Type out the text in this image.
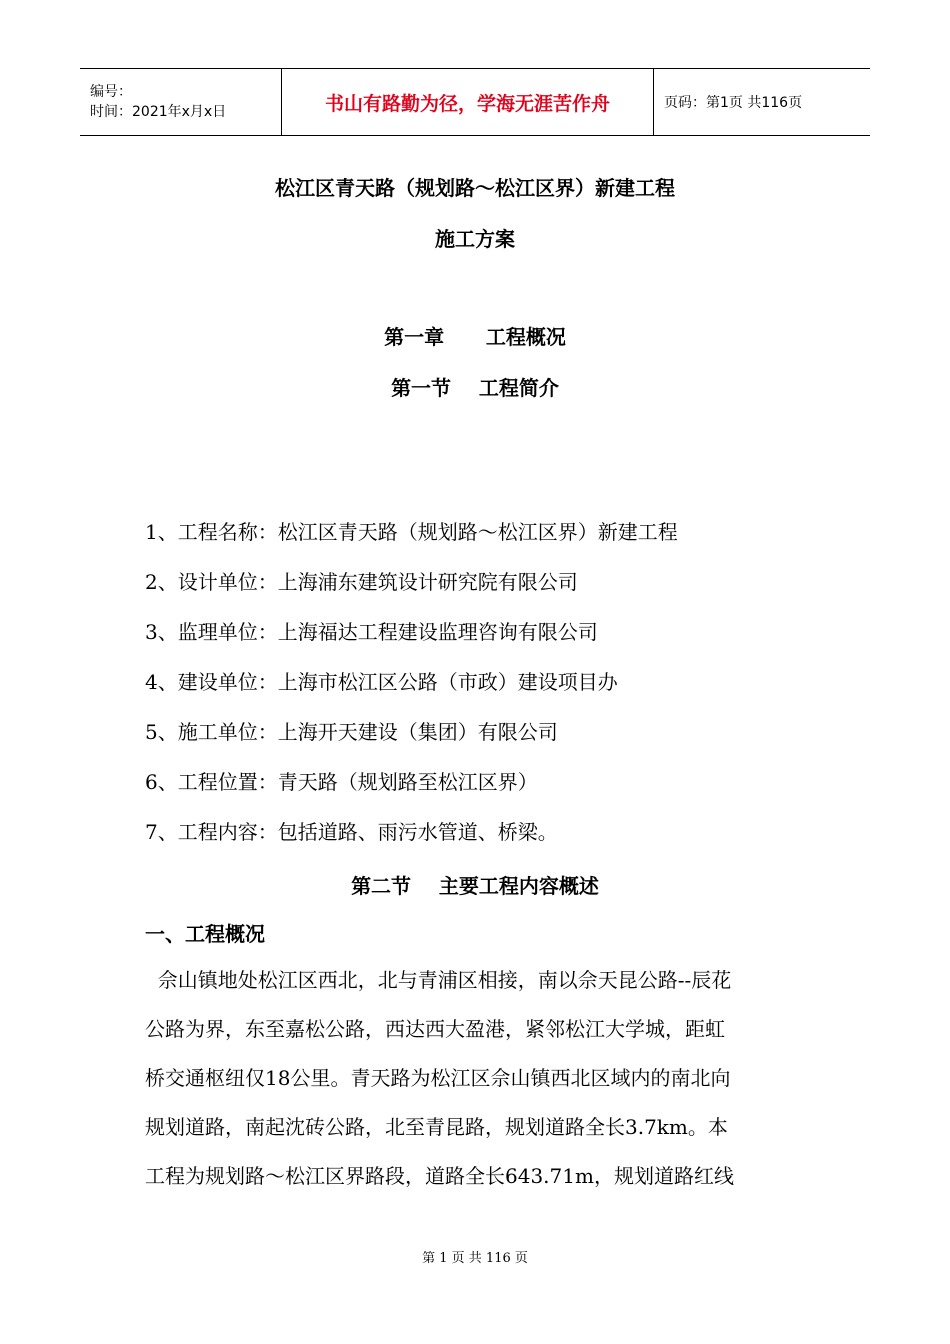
编号：
时间：2021年x月x日	书山有路勤为径，学海无涯苦作舟	页码：第1页 共116页
松江区青天路（规划路～松江区界）新建工程
施工方案
第一章      工程概况
第一节    工程简介
1、工程名称：松江区青天路（规划路～松江区界）新建工程
2、设计单位：上海浦东建筑设计研究院有限公司
3、监理单位：上海福达工程建设监理咨询有限公司
4、建设单位：上海市松江区公路（市政）建设项目办
5、施工单位：上海开天建设（集团）有限公司
6、工程位置：青天路（规划路至松江区界）
7、工程内容：包括道路、雨污水管道、桥梁。
第二节    主要工程内容概述
一、工程概况
佘山镇地处松江区西北，北与青浦区相接，南以佘天昆公路--辰花
公路为界，东至嘉松公路，西达西大盈港，紧邻松江大学城，距虹
桥交通枢纽仅18公里。青天路为松江区佘山镇西北区域内的南北向
规划道路，南起沈砖公路，北至青昆路，规划道路全长3.7km。本
工程为规划路～松江区界路段，道路全长643.71m，规划道路红线
第 1 页 共 116 页
